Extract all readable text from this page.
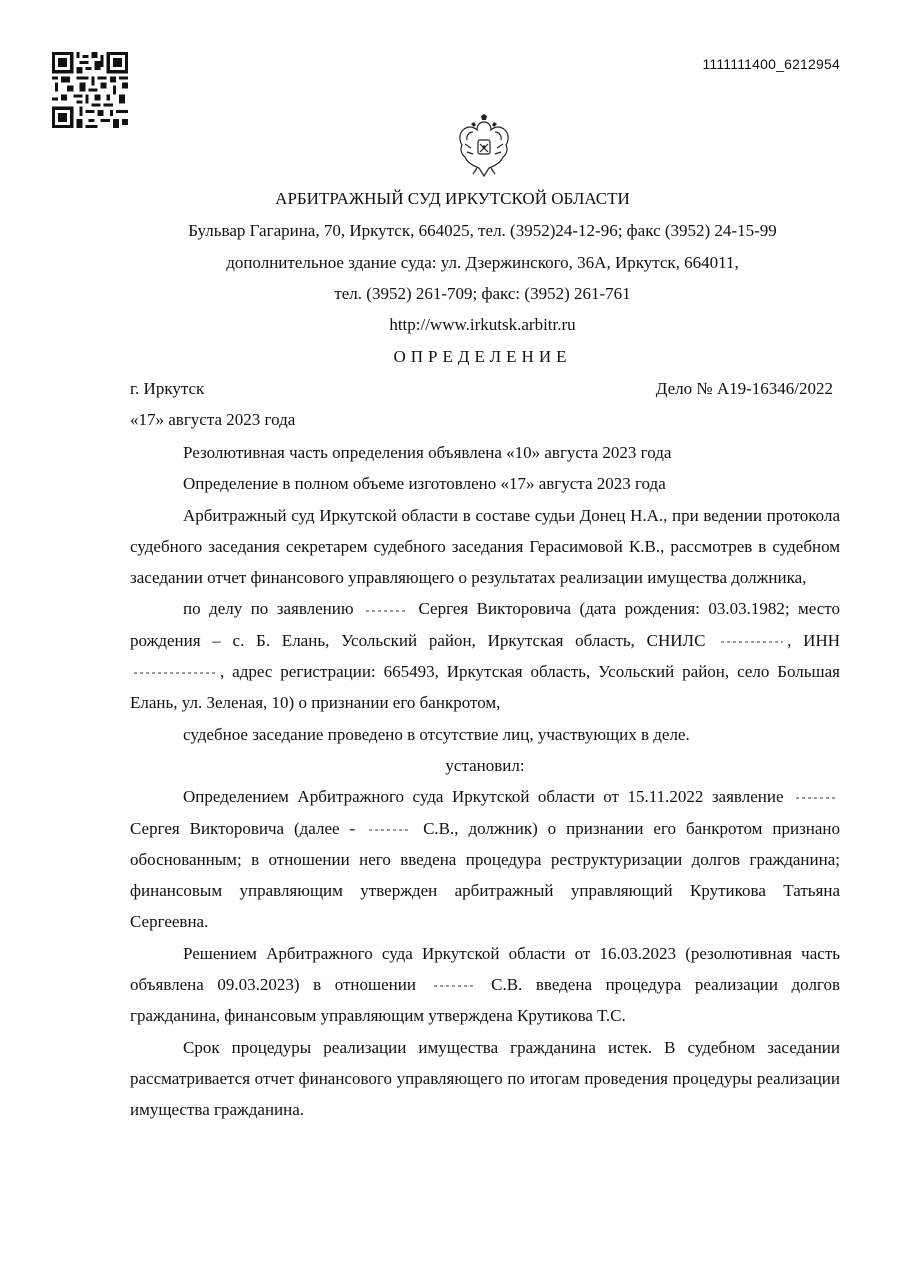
1111111400_6212954
АРБИТРАЖНЫЙ СУД ИРКУТСКОЙ ОБЛАСТИ
Бульвар Гагарина, 70, Иркутск, 664025, тел. (3952)24-12-96; факс (3952) 24-15-99
дополнительное здание суда: ул. Дзержинского, 36А, Иркутск, 664011,
тел. (3952) 261-709; факс: (3952) 261-761
http://www.irkutsk.arbitr.ru
ОПРЕДЕЛЕНИЕ
г. Иркутск	Дело № А19-16346/2022
«17» августа 2023 года

Резолютивная часть определения объявлена «10» августа 2023 года

Определение в полном объеме изготовлено «17» августа 2023 года

Арбитражный суд Иркутской области в составе судьи Донец Н.А., при ведении протокола судебного заседания секретарем судебного заседания Герасимовой К.В., рассмотрев в судебном заседании отчет финансового управляющего о результатах реализации имущества должника,

по делу по заявлению	Сергея Викторовича (дата рождения: 03.03.1982; место рождения – с. Б. Елань, Усольский район, Иркутская область, СНИЛС	, ИНН , адрес регистрации: 665493, Иркутская область, Усольский район, село Большая Елань, ул. Зеленая, 10) о признании его банкротом,

судебное заседание проведено в отсутствие лиц, участвующих в деле.

установил:

Определением Арбитражного суда Иркутской области от 15.11.2022 заявление  Сергея Викторовича (далее -	С.В., должник) о признании его банкротом признано обоснованным; в отношении него введена процедура реструктуризации долгов гражданина; финансовым управляющим утвержден арбитражный управляющий Крутикова Татьяна Сергеевна.

Решением Арбитражного суда Иркутской области от 16.03.2023 (резолютивная часть объявлена 09.03.2023) в отношении	С.В. введена процедура реализации долгов гражданина, финансовым управляющим утверждена Крутикова Т.С.

Срок процедуры реализации имущества гражданина истек. В судебном заседании рассматривается отчет финансового управляющего по итогам проведения процедуры реализации имущества гражданина.
